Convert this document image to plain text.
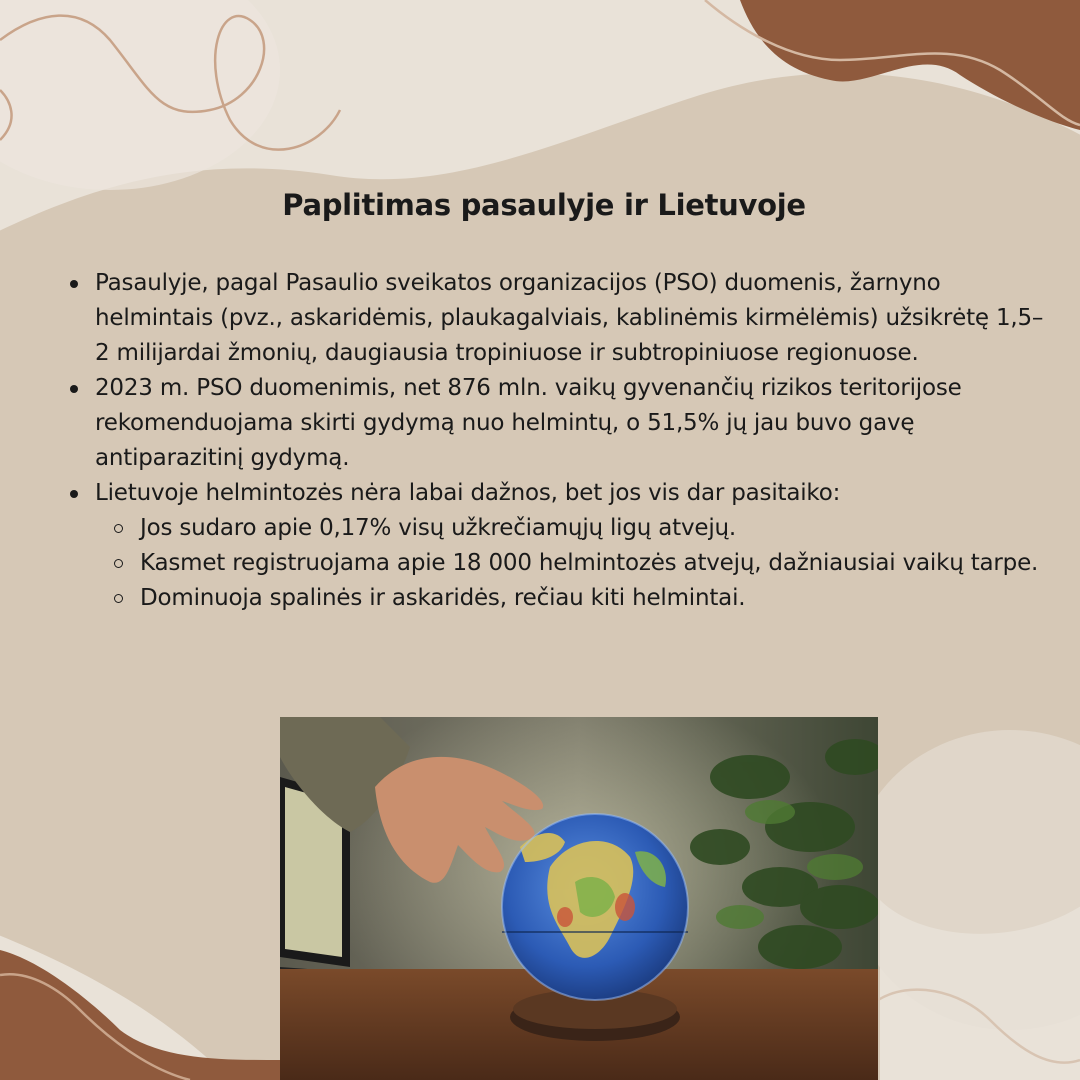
Paplitimas pasaulyje ir Lietuvoje
Pasaulyje, pagal Pasaulio sveikatos organizacijos (PSO) duomenis, žarnyno helmintais (pvz., askaridėmis, plaukagalviais, kablinėmis kirmėlėmis) užsikrėtę 1,5–2 milijardai žmonių, daugiausia tropiniuose ir subtropiniuose regionuose.
2023 m. PSO duomenimis, net 876 mln. vaikų gyvenančių rizikos teritorijose rekomenduojama skirti gydymą nuo helmintų, o 51,5% jų jau buvo gavę antiparazitinį gydymą.
Lietuvoje helmintozės nėra labai dažnos, bet jos vis dar pasitaiko:
Jos sudaro apie 0,17% visų užkrečiamųjų ligų atvejų.
Kasmet registruojama apie 18 000 helmintozės atvejų, dažniausiai vaikų tarpe.
Dominuoja spalinės ir askaridės, rečiau kiti helmintai.
